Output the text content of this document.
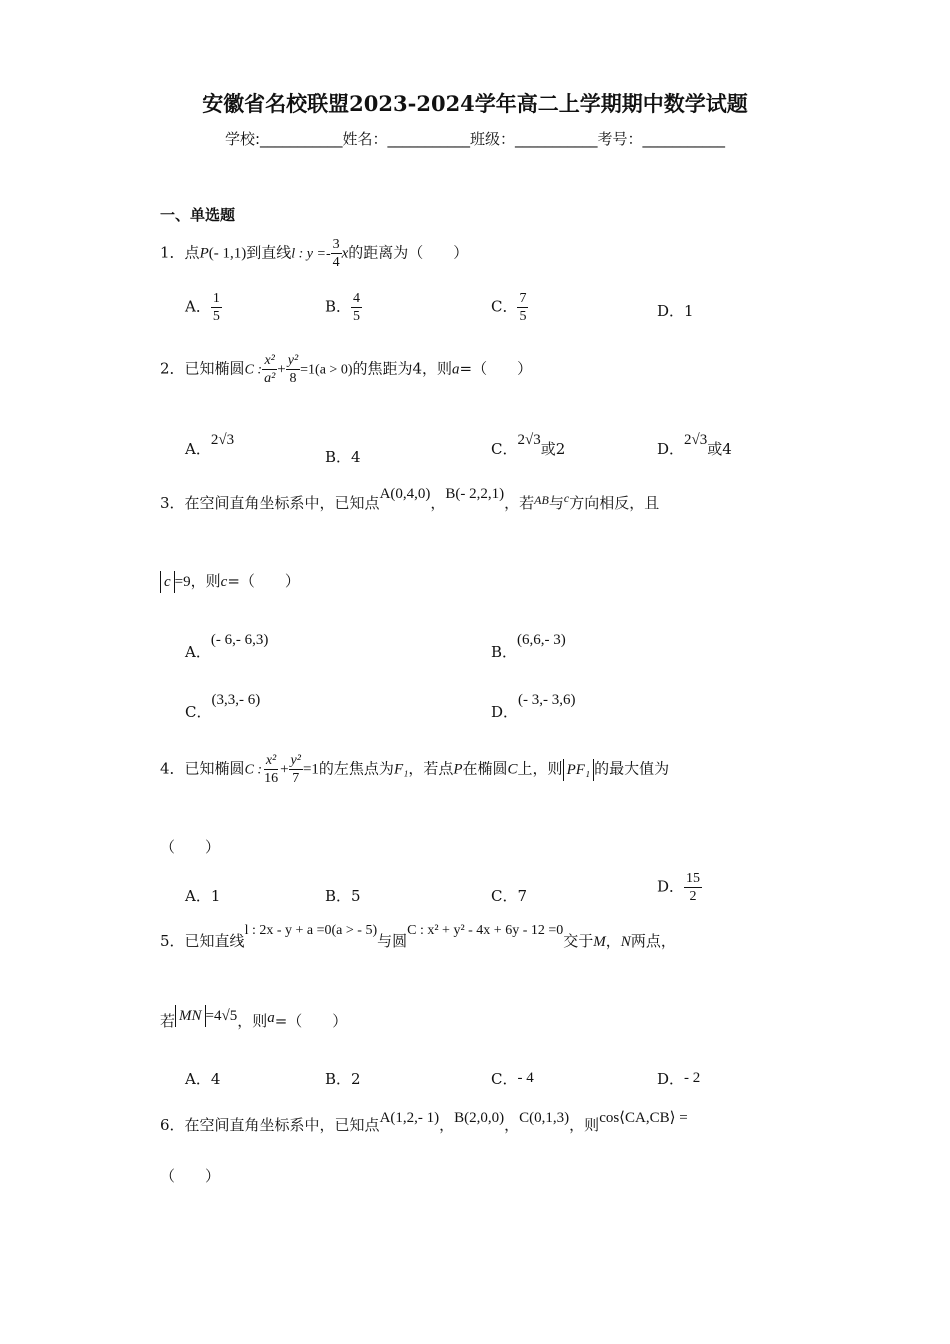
安徽省名校联盟2023-2024学年高二上学期期中数学试题
学校:___________姓名：___________班级：___________考号：___________
一、单选题
1．点P(- 1,1)到直线l : $y =- \frac{3}{4}$ x的距离为（　　）
A． $\frac{1}{5}$	B． $\frac{4}{5}$	C． $\frac{7}{5}$	D．1
2．已知椭圆C : $\frac{\text{x²}}{\text{a²}} + \frac{\text{y²}}{8} =1(a > 0)$的焦距为4，则a=（　　）
A．2√3
B．4	C．2√3或2	D．2√3或4
3．在空间直角坐标系中，已知点A(0,4,0)，B(- 2,2,1)，若$^{AB}$与$^c$方向相反，且
c =9，则c=（　　）
A．(- 6,- 6,3)
B．(6,6,- 3)
C．(3,3,- 6)
D．(- 3,- 3,6)
4．已知椭圆C : $\frac{\text{x²}}{16} + \frac{\text{y²}}{7} =1$的左焦点为F₁，若点P在椭圆C上，则 PF₁ 的最大值为
（　　）
A．1	B．5	C．7
D． $\frac{15}{2}$
5．已知直线l : 2x - y + a =0(a > - 5)与圆C : x² + y² - 4x + 6y - 12 =0交于M，N两点，
若 MN =4√5，则a=（　　）
A．4	B．2	C．- 4	D．- 2
6．在空间直角坐标系中，已知点A(1,2,- 1)，B(2,0,0)，C(0,1,3)，则cos⟨CA,CB⟩ =
（　　）
